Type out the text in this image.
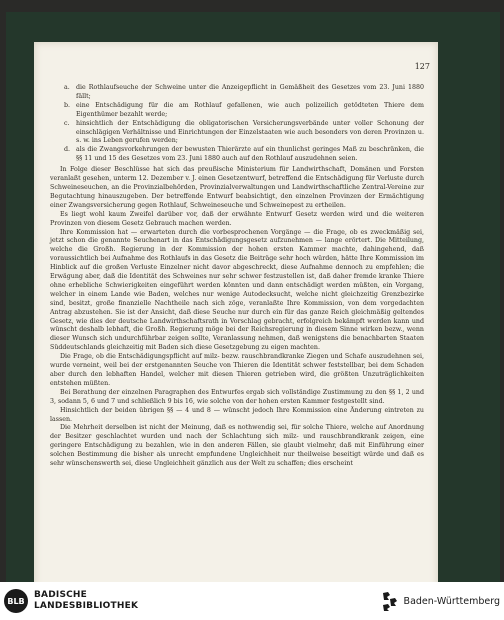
127
a. die Rothlaufseuche der Schweine unter die Anzeigepflicht in Gemäßheit des Gesetzes vom 23. Juni 1880 fällt;
b. eine Entschädigung für die am Rothlauf gefallenen, wie auch polizeilich getödteten Thiere dem Eigenthümer bezahlt werde;
c. hinsichtlich der Entschädigung die obligatorischen Versicherungsverbände unter voller Schonung der einschlägigen Verhältnisse und Einrichtungen der Einzelstaaten wie auch besonders von deren Provinzen u. s. w. ins Leben gerufen werden;
d. als die Zwangsvorkehrungen der bewusten Thierärzte auf ein thunlichst geringes Maß zu beschränken, die §§ 11 und 15 des Gesetzes vom 23. Juni 1880 auch auf den Rothlauf auszudehnen seien.

In Folge dieser Beschlüsse hat sich das preußische Ministerium für Landwirthschaft, Domänen und Forsten veranlaßt gesehen, unterm 12. Dezember v. J. einen Gesetzentwurf, betreffend die Entschädigung für Verluste durch Schweineseuchen, an die Provinzialbehörden, Provinzialverwaltungen und Landwirthschaftliche Zentral-Vereine zur Begutachtung hinauszugeben. Der betreffende Entwurf beabsichtigt, den einzelnen Provinzen der Ermächtigung einer Zwangsversicherung gegen Rothlauf, Schweineseuche und Schweinepest zu ertheilen.

Es liegt wohl kaum Zweifel darüber vor, daß der erwähnte Entwurf Gesetz werden wird und die weiteren Provinzen von diesem Gesetz Gebrauch machen werden.

Ihre Kommission hat — erwarteten durch die vorbesprochenen Vorgänge — die Frage, ob es zweckmäßig sei, jetzt schon die genannte Seuchenart in das Entschädigungsgesetz aufzunehmen — lange erörtert. Die Mitteilung, welche die Großh. Regierung in der Kommission der hohen ersten Kammer machte, dahingehend, daß voraussichtlich bei Aufnahme des Rothlaufs in das Gesetz die Beiträge sehr hoch würden, hätte Ihre Kommission im Hinblick auf die großen Verluste Einzelner nicht davor abgeschreckt, diese Aufnahme dennoch zu empfehlen; die Erwägung aber, daß die Identität des Schweines nur sehr schwer festzustellen ist, daß daher fremde kranke Thiere ohne erhebliche Schwierigkeiten eingeführt werden könnten und dann entschädigt werden müßten, ein Vorgang, welcher in einem Lande wie Baden, welches nur wenige Autodecksucht, welche nicht gleichzeitig Grenzbezirke sind, besitzt, große finanzielle Nachtheile nach sich zöge, veranlaßte Ihre Kommission, von dem vorgedachten Antrag abzustehen. Sie ist der Ansicht, daß diese Seuche nur durch ein für das ganze Reich gleichmäßig geltendes Gesetz, wie dies der deutsche Landwirthschaftsrath in Vorschlag gebracht, erfolgreich bekämpft werden kann und wünscht deshalb lebhaft, die Großh. Regierung möge bei der Reichsregierung in diesem Sinne wirken bezw., wenn dieser Wunsch sich undurchführbar zeigen sollte, Veranlassung nehmen, daß wenigstens die benachbarten Staaten Süddeutschlands gleichzeitig mit Baden sich diese Gesetzgebung zu eigen machten.

Die Frage, ob die Entschädigungspflicht auf milz- bezw. rauschbrandkranke Ziegen und Schafe auszudehnen sei, wurde verneint, weil bei der erstgenannten Seuche von Thieren die Identität schwer feststellbar, bei dem Schaden aber durch den lebhaften Handel, welcher mit diesen Thieren getrieben wird, die größten Unzuträglichkeiten entstehen müßten.

Bei Berathung der einzelnen Paragraphen des Entwurfes ergab sich vollständige Zustimmung zu den §§ 1, 2 und 3, sodann 5, 6 und 7 und schließlich 9 bis 16, wie solche von der hohen ersten Kammer festgestellt sind.

Hinsichtlich der beiden übrigen §§ — 4 und 8 — wünscht jedoch Ihre Kommission eine Änderung eintreten zu lassen.

Die Mehrheit derselben ist nicht der Meinung, daß es nothwendig sei, für solche Thiere, welche auf Anordnung der Besitzer geschlachtet wurden und nach der Schlachtung sich milz- und rauschbrandkrank zeigen, eine geringere Entschädigung zu bezahlen, wie in den anderen Fällen, sie glaubt vielmehr, daß mit Einführung einer solchen Bestimmung die bisher als unrecht empfundene Ungleichheit nur theilweise beseitigt würde und daß es sehr wünschenswerth sei, diese Ungleichheit gänzlich aus der Welt zu schaffen; dies erscheint

BLB
BADISCHE
LANDESBIBLIOTHEK	Baden-Württemberg
